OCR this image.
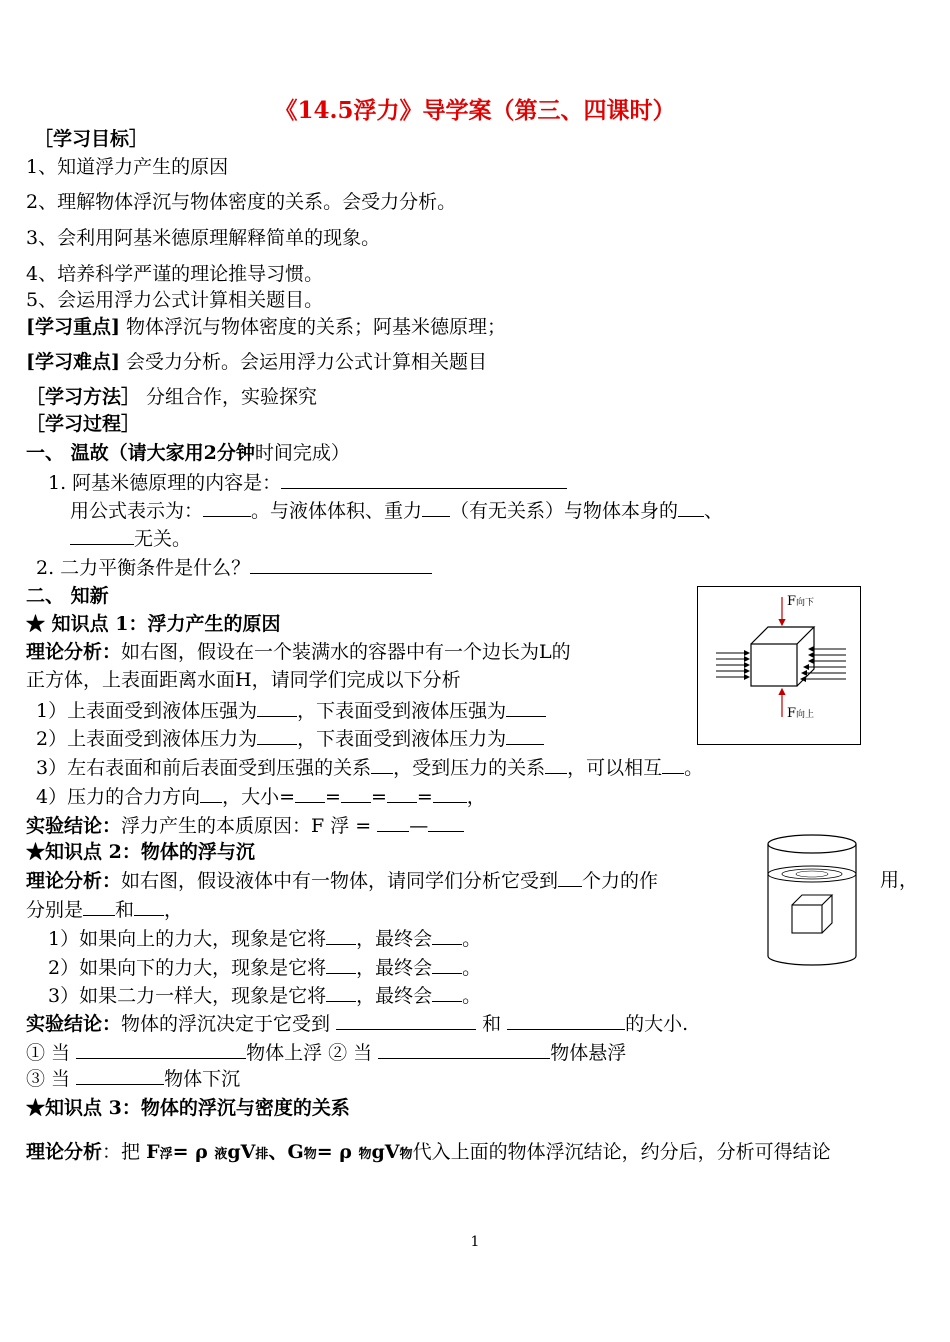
《14.5浮力》导学案（第三、四课时）
［学习目标］
1、知道浮力产生的原因
2、理解物体浮沉与物体密度的关系。会受力分析。
3、会利用阿基米德原理解释简单的现象。
4、培养科学严谨的理论推导习惯。
5、会运用浮力公式计算相关题目。
[学习重点] 物体浮沉与物体密度的关系；阿基米德原理；
[学习难点] 会受力分析。会运用浮力公式计算相关题目
［学习方法］ 分组合作，实验探究
［学习过程］
一、 温故（请大家用2分钟时间完成）
1. 阿基米德原理的内容是：
用公式表示为：	。与液体体积、重力 （有无关系）与物体本身的 、
无关。
2. 二力平衡条件是什么？
二、 知新
★ 知识点 1：浮力产生的原因
理论分析：如右图，假设在一个装满水的容器中有一个边长为L的
正方体，上表面距离水面H，请同学们完成以下分析
1）上表面受到液体压强为 ，下表面受到液体压强为
2）上表面受到液体压力为 ，下表面受到液体压力为
3）左右表面和前后表面受到压强的关系 ，受到压力的关系 ，可以相互 。
4）压力的合力方向 ，大小= = = = ，
实验结论：浮力产生的本质原因：F 浮 = —
F向下
F向上
★知识点 2：物体的浮与沉
理论分析：如右图，假设液体中有一物体，请同学们分析它受到 个力的作	用，
分别是 和 ，
1）如果向上的力大，现象是它将 ，最终会 。
2）如果向下的力大，现象是它将 ，最终会 。
3）如果二力一样大，现象是它将 ，最终会 。
实验结论：物体的浮沉决定于它受到	和	的大小.
① 当	物体上浮 ② 当	物体悬浮
③ 当	物体下沉
★知识点 3：物体的浮沉与密度的关系
理论分析：把 F浮= ρ 液gV排、G物= ρ 物gV物代入上面的物体浮沉结论，约分后，分析可得结论
1
